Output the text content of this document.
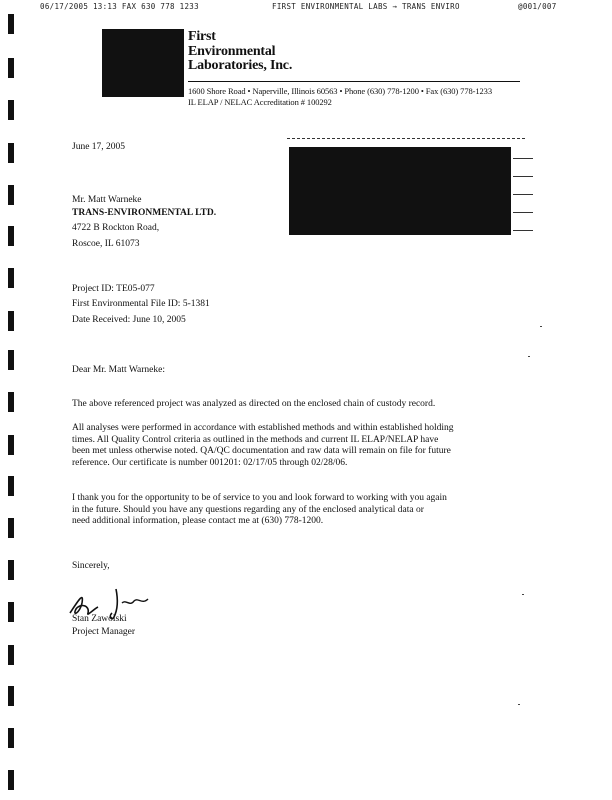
06/17/2005 13:13 FAX 630 778 1233	FIRST ENVIRONMENTAL LABS → TRANS ENVIRO	@001/007
First
Environmental
Laboratories, Inc.
1600 Shore Road • Naperville, Illinois 60563 • Phone (630) 778-1200 • Fax (630) 778-1233
IL ELAP / NELAC Accreditation # 100292
June 17, 2005
Mr. Matt Warneke
TRANS-ENVIRONMENTAL LTD.
4722 B Rockton Road,
Roscoe, IL 61073
Project ID: TE05-077
First Environmental File ID: 5-1381
Date Received: June 10, 2005
Dear Mr. Matt Warneke:
The above referenced project was analyzed as directed on the enclosed chain of custody record.
All analyses were performed in accordance with established methods and within established holding
times. All Quality Control criteria as outlined in the methods and current IL ELAP/NELAP have
been met unless otherwise noted. QA/QC documentation and raw data will remain on file for future
reference. Our certificate is number 001201: 02/17/05 through 02/28/06.
I thank you for the opportunity to be of service to you and look forward to working with you again
in the future. Should you have any questions regarding any of the enclosed analytical data or
need additional information, please contact me at (630) 778-1200.
Sincerely,
Stan Zawolski
Project Manager
